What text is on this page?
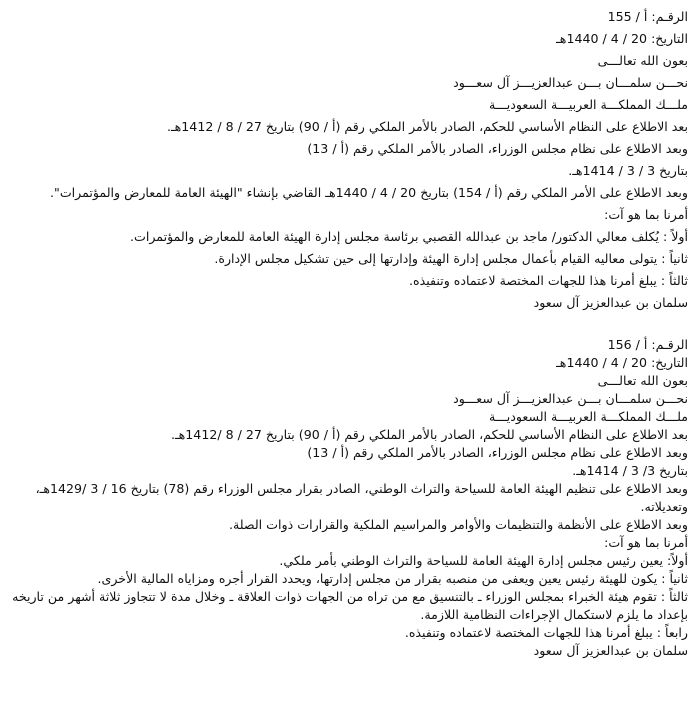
الرقـم: أ / 155
التاريخ: 20 / 4 / 1440هـ
بعون الله تعالـــى
نحـــن سلمـــان بـــن عبدالعزيـــز آل سعـــود
ملـــك المملكـــة العربيـــة السعوديـــة
بعد الاطلاع على النظام الأساسي للحكم، الصادر بالأمر الملكي رقم (أ / 90) بتاريخ 27 / 8 / 1412هـ.
وبعد الاطلاع على نظام مجلس الوزراء، الصادر بالأمر الملكي رقم (أ / 13)
بتاريخ 3 / 3 / 1414هـ.
وبعد الاطلاع على الأمر الملكي رقم (أ / 154) بتاريخ 20 / 4 / 1440هـ القاضي بإنشاء "الهيئة العامة للمعارض والمؤتمرات".
أمرنا بما هو آت:
أولاً : يُكلف معالي الدكتور/ ماجد بن عبدالله القصبي برئاسة مجلس إدارة الهيئة العامة للمعارض والمؤتمرات.
ثانياً : يتولى معاليه القيام بأعمال مجلس إدارة الهيئة وإدارتها إلى حين تشكيل مجلس الإدارة.
ثالثاً : يبلغ أمرنا هذا للجهات المختصة لاعتماده وتنفيذه.
سلمان بن عبدالعزيز آل سعود
الرقـم: أ / 156
التاريخ: 20 / 4 / 1440هـ
بعون الله تعالـــى
نحـــن سلمـــان بـــن عبدالعزيـــز آل سعـــود
ملـــك المملكـــة العربيـــة السعوديـــة
بعد الاطلاع على النظام الأساسي للحكم، الصادر بالأمر الملكي رقم (أ / 90) بتاريخ 27 / 8 /1412هـ.
وبعد الاطلاع على نظام مجلس الوزراء، الصادر بالأمر الملكي رقم (أ / 13)
بتاريخ 3/ 3 / 1414هـ.
وبعد الاطلاع على تنظيم الهيئة العامة للسياحة والتراث الوطني، الصادر بقرار مجلس الوزراء رقم (78) بتاريخ 16 / 3 /1429هـ،
وتعديلاته.
وبعد الاطلاع على الأنظمة والتنظيمات والأوامر والمراسيم الملكية والقرارات ذوات الصلة.
أمرنا بما هو آت:
أولاً: يعين رئيس مجلس إدارة الهيئة العامة للسياحة والتراث الوطني بأمر ملكي.
ثانياً : يكون للهيئة رئيس يعين ويعفى من منصبه بقرار من مجلس إدارتها، ويحدد القرار أجره ومزاياه المالية الأخرى.
ثالثاً : تقوم هيئة الخبراء بمجلس الوزراء ـ بالتنسيق مع من تراه من الجهات ذوات العلاقة ـ وخلال مدة لا تتجاوز ثلاثة أشهر من تاريخه بإعداد ما يلزم لاستكمال الإجراءات النظامية اللازمة.
رابعاً : يبلغ أمرنا هذا للجهات المختصة لاعتماده وتنفيذه.
سلمان بن عبدالعزيز آل سعود
